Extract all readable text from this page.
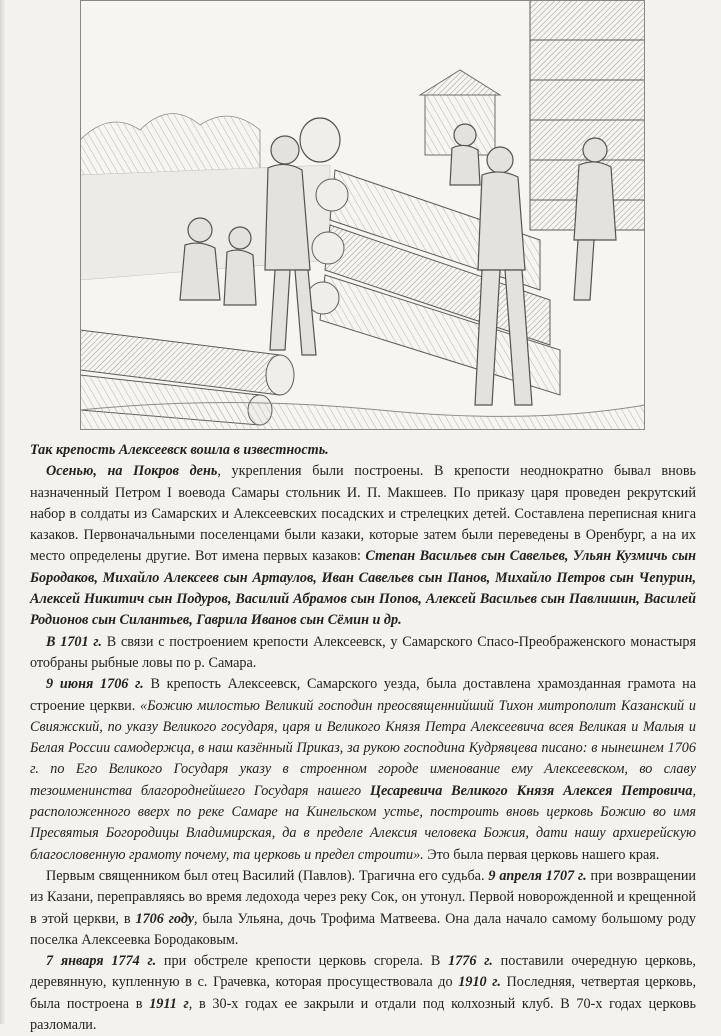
Так крепость Алексеевск вошла в известность.

Осенью, на Покров день, укрепления были построены. В крепости неоднократно бывал вновь назначенный Петром I воевода Самары стольник И. П. Макшеев. По приказу царя проведен рекрутский набор в солдаты из Самарских и Алексеевских посадских и стрелецких детей. Составлена переписная книга казаков. Первоначальными поселенцами были казаки, которые затем были переведены в Оренбург, а на их место определены другие. Вот имена первых казаков: Степан Васильев сын Савельев, Ульян Кузмичь сын Бородаков, Михайло Алексеев сын Артаулов, Иван Савельев сын Панов, Михайло Петров сын Чепурин, Алексей Никитич сын Подуров, Василий Абрамов сын Попов, Алексей Васильев сын Павлишин, Василей Родионов сын Силантьев, Гаврила Иванов сын Сёмин и др.

В 1701 г. В связи с построением крепости Алексеевск, у Самарского Спасо-Преображенского монастыря отобраны рыбные ловы по р. Самара.

9 июня 1706 г. В крепость Алексеевск, Самарского уезда, была доставлена храмозданная грамота на строение церкви. «Божию милостью Великий господин преосвященнийший Тихон митрополит Казанский и Свияжский, по указу Великого государя, царя и Великого Князя Петра Алексеевича всея Великая и Малыя и Белая России самодержца, в наш казённый Приказ, за рукою господина Кудрявцева писано: в нынешнем 1706 г. по Его Великого Государя указу в строенном городе именование ему Алексеевском, во славу тезоименинства благороднейшего Государя нашего Цесаревича Великого Князя Алексея Петровича, расположенного вверх по реке Самаре на Кинельском устье, построить вновь церковь Божию во имя Пресвятыя Богородицы Владимирская, да в пределе Алексия человека Божия, дати нашу архиерейскую благословенную грамоту почему, та церковь и предел строити». Это была первая церковь нашего края.

Первым священником был отец Василий (Павлов). Трагична его судьба. 9 апреля 1707 г. при возвращении из Казани, переправляясь во время ледохода через реку Сок, он утонул. Первой новорожденной и крещенной в этой церкви, в 1706 году, была Ульяна, дочь Трофима Матвеева. Она дала начало самому большому роду поселка Алексеевка Бородаковым.

7 января 1774 г. при обстреле крепости церковь сгорела. В 1776 г. поставили очередную церковь, деревянную, купленную в с. Грачевка, которая просуществовала до 1910 г. Последняя, четвертая церковь, была построена в 1911 г, в 30-х годах ее закрыли и отдали под колхозный клуб. В 70-х годах церковь разломали.
